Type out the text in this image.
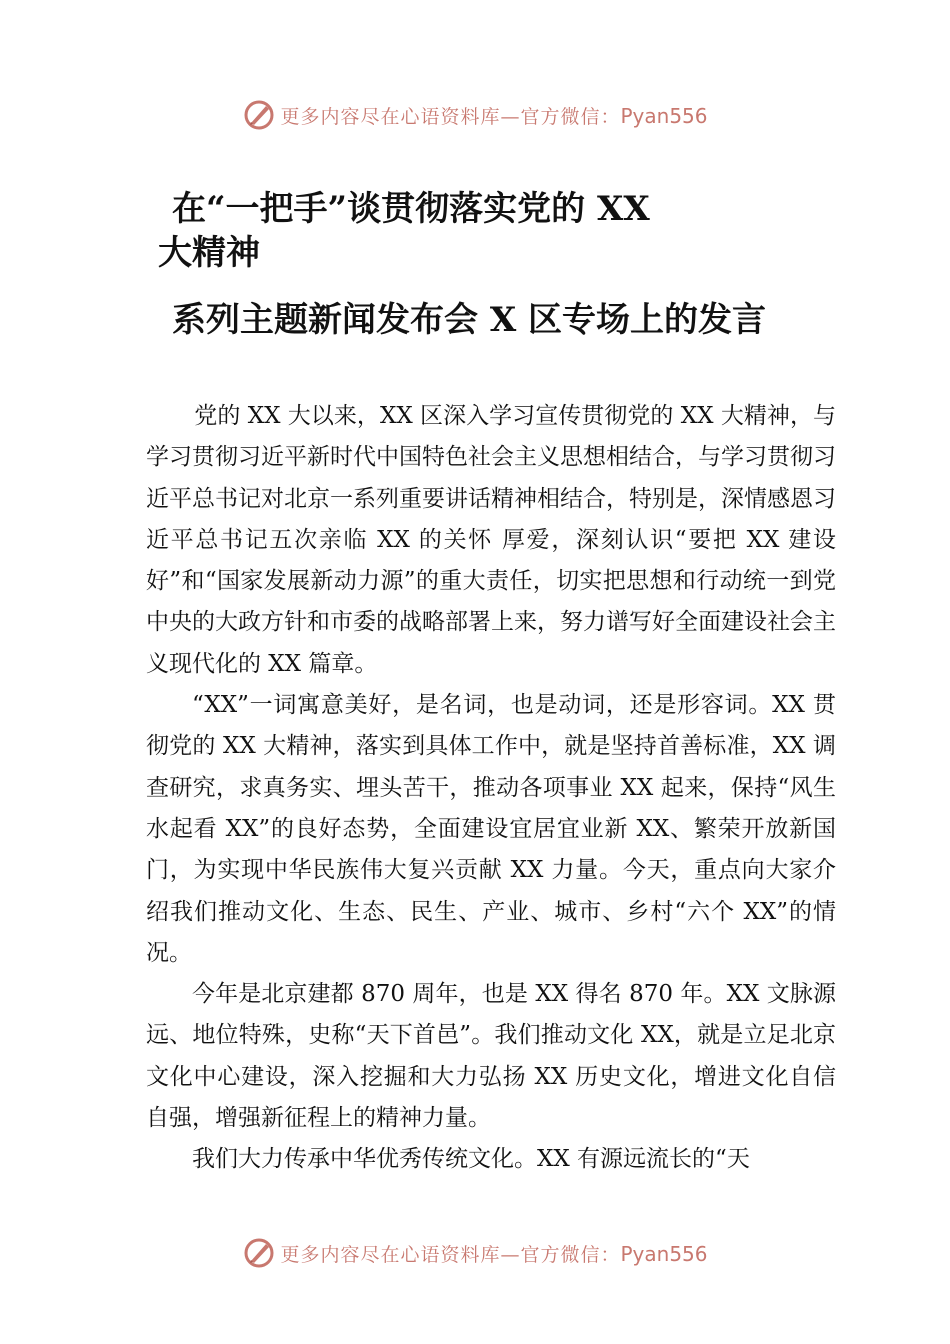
更多内容尽在心语资料库—官方微信：Pyan556
在“一把手”谈贯彻落实党的 XX
大精神
系列主题新闻发布会 X 区专场上的发言

党的 XX 大以来，XX 区深入学习宣传贯彻党的 XX 大精神，与学习贯彻习近平新时代中国特色社会主义思想相结合，与学习贯彻习近平总书记对北京一系列重要讲话精神相结合，特别是，深情感恩习近平总书记五次亲临 XX 的关怀 厚爱，深刻认识“要把 XX 建设好”和“国家发展新动力源”的重大责任，切实把思想和行动统一到党中央的大政方针和市委的战略部署上来，努力谱写好全面建设社会主义现代化的 XX 篇章。

“XX”一词寓意美好，是名词，也是动词，还是形容词。XX 贯彻党的 XX 大精神，落实到具体工作中，就是坚持首善标准，XX 调查研究，求真务实、埋头苦干，推动各项事业 XX 起来，保持“风生水起看 XX”的良好态势，全面建设宜居宜业新 XX、繁荣开放新国门，为实现中华民族伟大复兴贡献 XX 力量。今天，重点向大家介绍我们推动文化、生态、民生、产业、城市、乡村“六个 XX”的情况。

今年是北京建都 870 周年，也是 XX 得名 870 年。XX 文脉源远、地位特殊，史称“天下首邑”。我们推动文化 XX，就是立足北京文化中心建设，深入挖掘和大力弘扬 XX 历史文化，增进文化自信自强，增强新征程上的精神力量。

我们大力传承中华优秀传统文化。XX 有源远流长的“天

更多内容尽在心语资料库—官方微信：Pyan556
